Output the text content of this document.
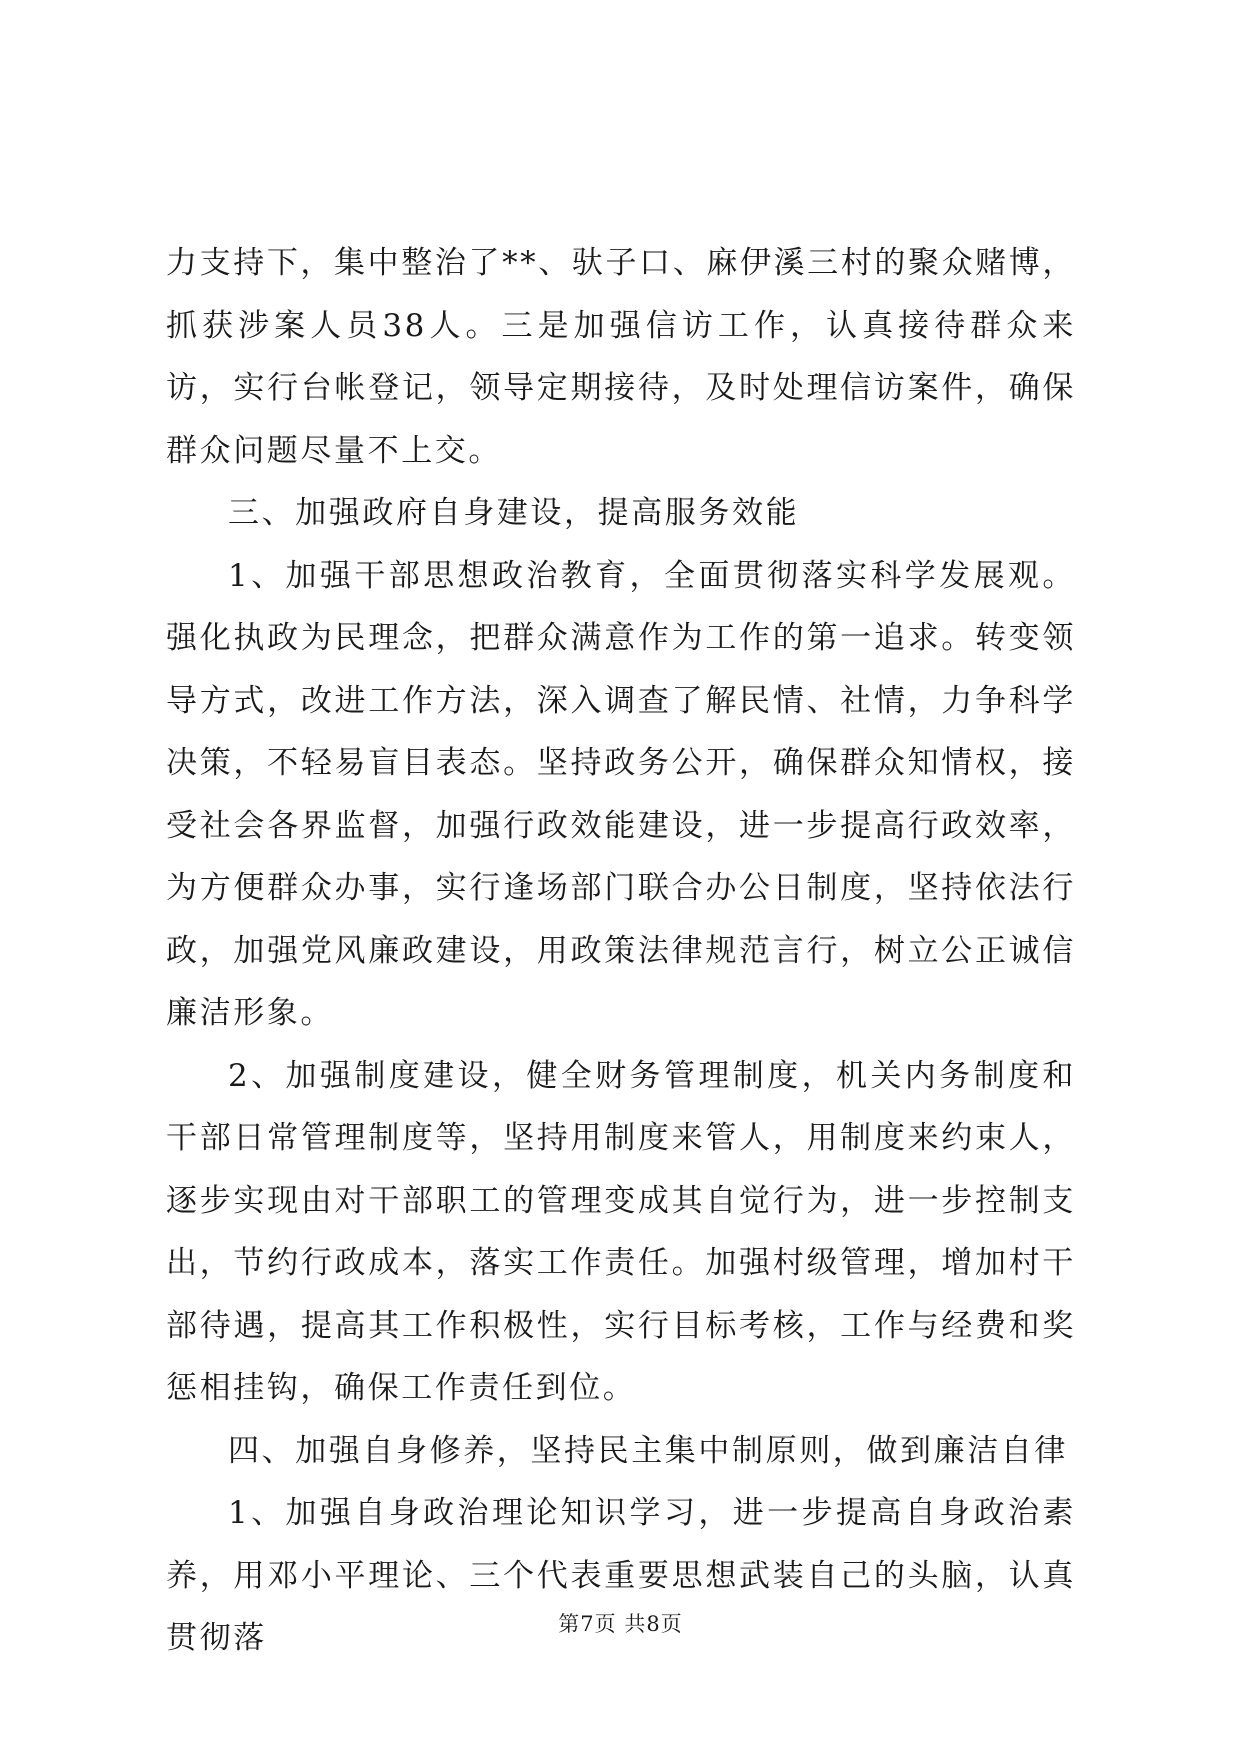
力支持下，集中整治了**、驮子口、麻伊溪三村的聚众赌博，抓获涉案人员38人。三是加强信访工作，认真接待群众来访，实行台帐登记，领导定期接待，及时处理信访案件，确保群众问题尽量不上交。

三、加强政府自身建设，提高服务效能

1、加强干部思想政治教育，全面贯彻落实科学发展观。强化执政为民理念，把群众满意作为工作的第一追求。转变领导方式，改进工作方法，深入调查了解民情、社情，力争科学决策，不轻易盲目表态。坚持政务公开，确保群众知情权，接受社会各界监督，加强行政效能建设，进一步提高行政效率，为方便群众办事，实行逢场部门联合办公日制度，坚持依法行政，加强党风廉政建设，用政策法律规范言行，树立公正诚信廉洁形象。

2、加强制度建设，健全财务管理制度，机关内务制度和干部日常管理制度等，坚持用制度来管人，用制度来约束人，逐步实现由对干部职工的管理变成其自觉行为，进一步控制支出，节约行政成本，落实工作责任。加强村级管理，增加村干部待遇，提高其工作积极性，实行目标考核，工作与经费和奖惩相挂钩，确保工作责任到位。

四、加强自身修养，坚持民主集中制原则，做到廉洁自律

1、加强自身政治理论知识学习，进一步提高自身政治素养，用邓小平理论、三个代表重要思想武装自己的头脑，认真贯彻落	第7页 共8页
